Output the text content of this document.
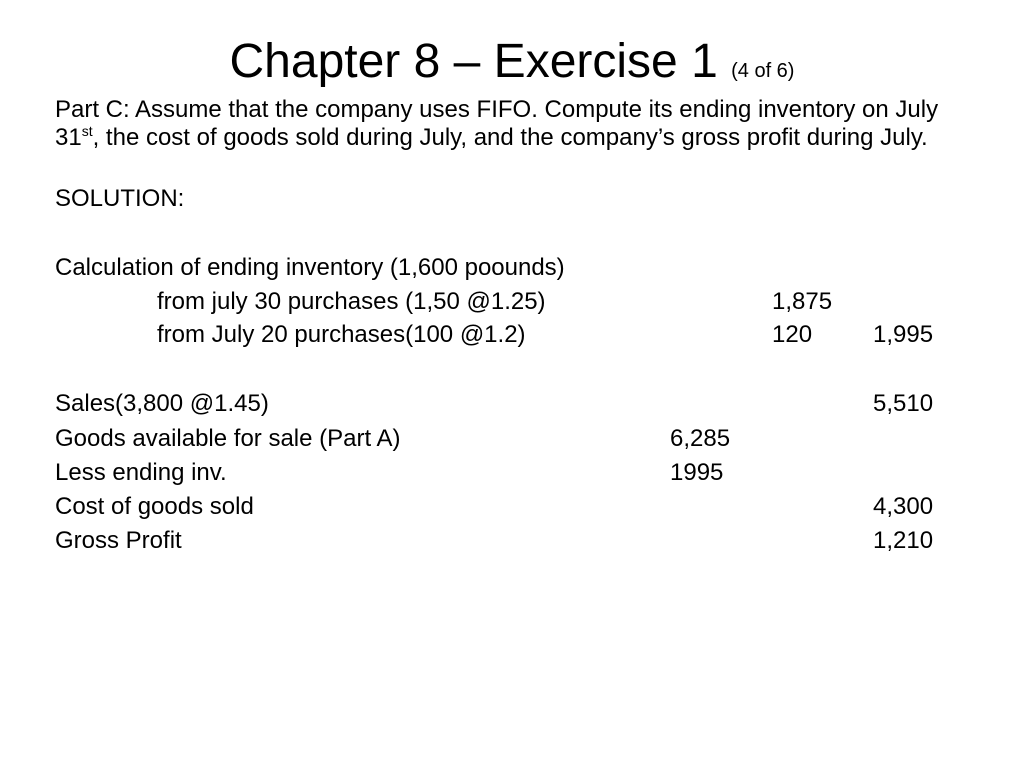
Chapter 8 – Exercise 1 (4 of 6)

Part C: Assume that the company uses FIFO. Compute its ending inventory on July 31st, the cost of goods sold during July, and the company’s gross profit during July.

SOLUTION:
Calculation of ending inventory (1,600 poounds)
from july 30 purchases (1,50 @1.25)	1,875
from July 20 purchases(100 @1.2)	120	1,995
Sales(3,800 @1.45)	5,510
Goods available for sale (Part A)	6,285
Less ending inv.	1995
Cost of goods sold	4,300
Gross Profit	1,210
